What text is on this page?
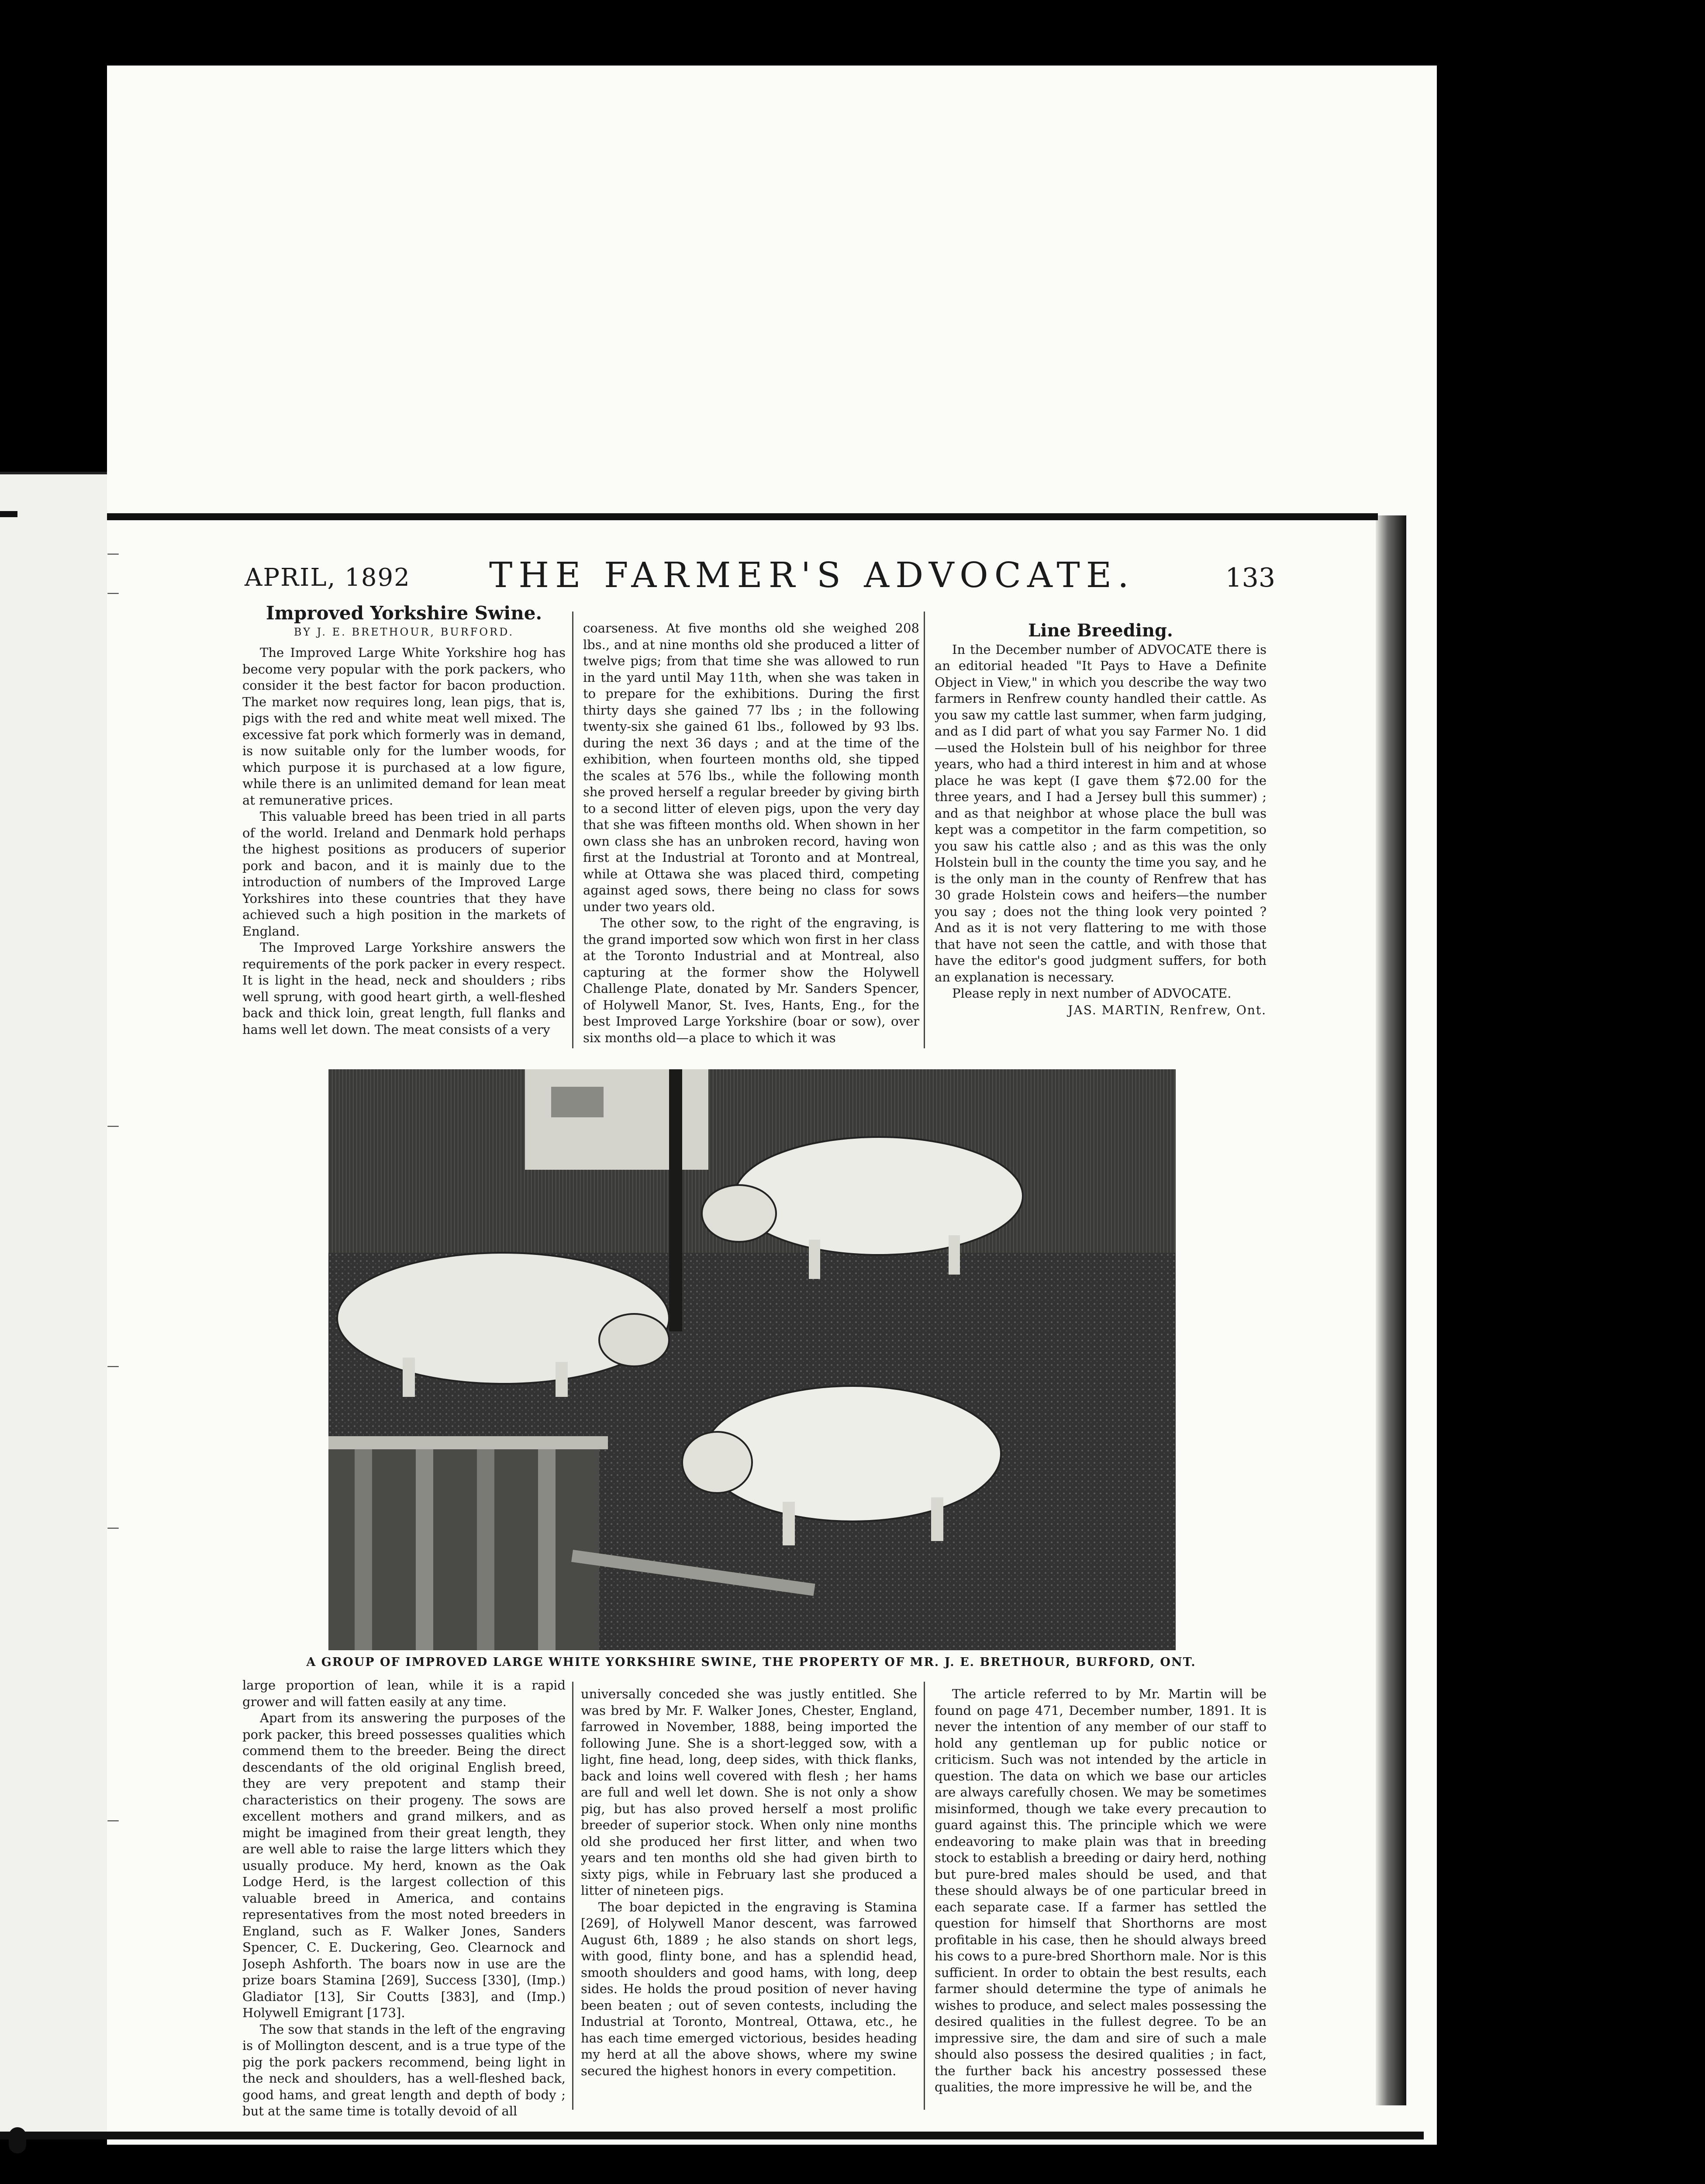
—
—
—
—
—
—
APRIL, 1892 THE FARMER'S ADVOCATE.	133
Improved Yorkshire Swine.
BY J. E. BRETHOUR, BURFORD.

The Improved Large White Yorkshire hog has become very popular with the pork packers, who consider it the best factor for bacon production. The market now requires long, lean pigs, that is, pigs with the red and white meat well mixed. The excessive fat pork which formerly was in demand, is now suitable only for the lumber woods, for which purpose it is purchased at a low figure, while there is an unlimited demand for lean meat at remunerative prices.

This valuable breed has been tried in all parts of the world. Ireland and Denmark hold perhaps the highest positions as producers of superior pork and bacon, and it is mainly due to the introduction of numbers of the Improved Large Yorkshires into these countries that they have achieved such a high position in the markets of England.

The Improved Large Yorkshire answers the requirements of the pork packer in every respect. It is light in the head, neck and shoulders ; ribs well sprung, with good heart girth, a well-fleshed back and thick loin, great length, full flanks and hams well let down. The meat consists of a very

coarseness. At five months old she weighed 208 lbs., and at nine months old she produced a litter of twelve pigs; from that time she was allowed to run in the yard until May 11th, when she was taken in to prepare for the exhibitions. During the first thirty days she gained 77 lbs ; in the following twenty-six she gained 61 lbs., followed by 93 lbs. during the next 36 days ; and at the time of the exhibition, when fourteen months old, she tipped the scales at 576 lbs., while the following month she proved herself a regular breeder by giving birth to a second litter of eleven pigs, upon the very day that she was fifteen months old. When shown in her own class she has an unbroken record, having won first at the Industrial at Toronto and at Montreal, while at Ottawa she was placed third, competing against aged sows, there being no class for sows under two years old.

The other sow, to the right of the engraving, is the grand imported sow which won first in her class at the Toronto Industrial and at Montreal, also capturing at the former show the Holywell Challenge Plate, donated by Mr. Sanders Spencer, of Holywell Manor, St. Ives, Hants, Eng., for the best Improved Large Yorkshire (boar or sow), over six months old—a place to which it was

Line Breeding.

In the December number of ADVOCATE there is an editorial headed "It Pays to Have a Definite Object in View," in which you describe the way two farmers in Renfrew county handled their cattle. As you saw my cattle last summer, when farm judging, and as I did part of what you say Farmer No. 1 did—used the Holstein bull of his neighbor for three years, who had a third interest in him and at whose place he was kept (I gave them $72.00 for the three years, and I had a Jersey bull this summer) ; and as that neighbor at whose place the bull was kept was a competitor in the farm competition, so you saw his cattle also ; and as this was the only Holstein bull in the county the time you say, and he is the only man in the county of Renfrew that has 30 grade Holstein cows and heifers—the number you say ; does not the thing look very pointed ? And as it is not very flattering to me with those that have not seen the cattle, and with those that have the editor's good judgment suffers, for both an explanation is necessary.

Please reply in next number of ADVOCATE.

JAS. MARTIN, Renfrew, Ont.
A GROUP OF IMPROVED LARGE WHITE YORKSHIRE SWINE, THE PROPERTY OF MR. J. E. BRETHOUR, BURFORD, ONT.

large proportion of lean, while it is a rapid grower and will fatten easily at any time.

Apart from its answering the purposes of the pork packer, this breed possesses qualities which commend them to the breeder. Being the direct descendants of the old original English breed, they are very prepotent and stamp their characteristics on their progeny. The sows are excellent mothers and grand milkers, and as might be imagined from their great length, they are well able to raise the large litters which they usually produce. My herd, known as the Oak Lodge Herd, is the largest collection of this valuable breed in America, and contains representatives from the most noted breeders in England, such as F. Walker Jones, Sanders Spencer, C. E. Duckering, Geo. Clearnock and Joseph Ashforth. The boars now in use are the prize boars Stamina [269], Success [330], (Imp.) Gladiator [13], Sir Coutts [383], and (Imp.) Holywell Emigrant [173].

The sow that stands in the left of the engraving is of Mollington descent, and is a true type of the pig the pork packers recommend, being light in the neck and shoulders, has a well-fleshed back, good hams, and great length and depth of body ; but at the same time is totally devoid of all

universally conceded she was justly entitled. She was bred by Mr. F. Walker Jones, Chester, England, farrowed in November, 1888, being imported the following June. She is a short-legged sow, with a light, fine head, long, deep sides, with thick flanks, back and loins well covered with flesh ; her hams are full and well let down. She is not only a show pig, but has also proved herself a most prolific breeder of superior stock. When only nine months old she produced her first litter, and when two years and ten months old she had given birth to sixty pigs, while in February last she produced a litter of nineteen pigs.

The boar depicted in the engraving is Stamina [269], of Holywell Manor descent, was farrowed August 6th, 1889 ; he also stands on short legs, with good, flinty bone, and has a splendid head, smooth shoulders and good hams, with long, deep sides. He holds the proud position of never having been beaten ; out of seven contests, including the Industrial at Toronto, Montreal, Ottawa, etc., he has each time emerged victorious, besides heading my herd at all the above shows, where my swine secured the highest honors in every competition.

The article referred to by Mr. Martin will be found on page 471, December number, 1891. It is never the intention of any member of our staff to hold any gentleman up for public notice or criticism. Such was not intended by the article in question. The data on which we base our articles are always carefully chosen. We may be sometimes misinformed, though we take every precaution to guard against this. The principle which we were endeavoring to make plain was that in breeding stock to establish a breeding or dairy herd, nothing but pure-bred males should be used, and that these should always be of one particular breed in each separate case. If a farmer has settled the question for himself that Shorthorns are most profitable in his case, then he should always breed his cows to a pure-bred Shorthorn male. Nor is this sufficient. In order to obtain the best results, each farmer should determine the type of animals he wishes to produce, and select males possessing the desired qualities in the fullest degree. To be an impressive sire, the dam and sire of such a male should also possess the desired qualities ; in fact, the further back his ancestry possessed these qualities, the more impressive he will be, and the
